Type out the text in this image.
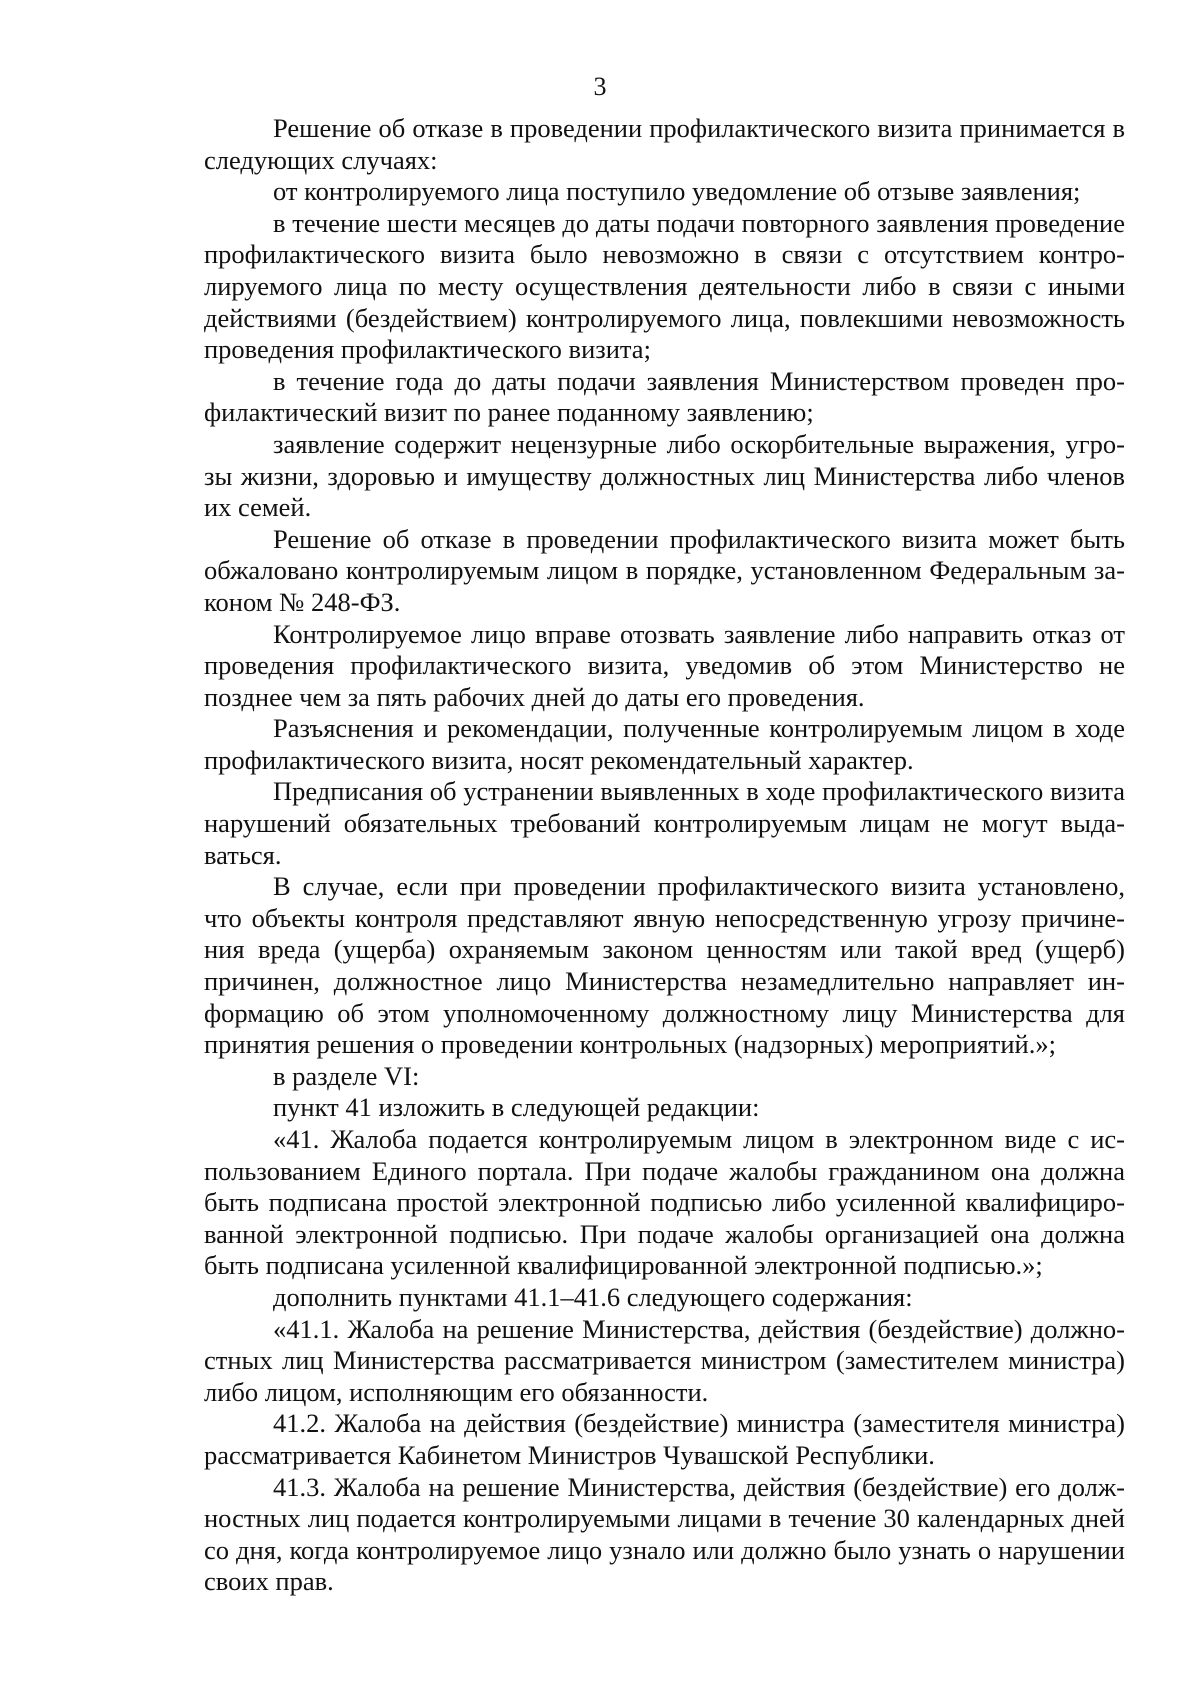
3

Решение об отказе в проведении профилактического визита принимается в следующих случаях:

от контролируемого лица поступило уведомление об отзыве заявления;

в течение шести месяцев до даты подачи повторного заявления проведение профилактического визита было невозможно в связи с отсутствием контролируемого лица по месту осуществления деятельности либо в связи с иными действиями (бездействием) контролируемого лица, повлекшими невозможность проведения профилактического визита;

в течение года до даты подачи заявления Министерством проведен профилактический визит по ранее поданному заявлению;

заявление содержит нецензурные либо оскорбительные выражения, угрозы жизни, здоровью и имуществу должностных лиц Министерства либо членов их семей.

Решение об отказе в проведении профилактического визита может быть обжаловано контролируемым лицом в порядке, установленном Федеральным законом № 248-ФЗ.

Контролируемое лицо вправе отозвать заявление либо направить отказ от проведения профилактического визита, уведомив об этом Министерство не позднее чем за пять рабочих дней до даты его проведения.

Разъяснения и рекомендации, полученные контролируемым лицом в ходе профилактического визита, носят рекомендательный характер.

Предписания об устранении выявленных в ходе профилактического визита нарушений обязательных требований контролируемым лицам не могут выдаваться.

В случае, если при проведении профилактического визита установлено, что объекты контроля представляют явную непосредственную угрозу причинения вреда (ущерба) охраняемым законом ценностям или такой вред (ущерб) причинен, должностное лицо Министерства незамедлительно направляет информацию об этом уполномоченному должностному лицу Министерства для принятия решения о проведении контрольных (надзорных) мероприятий.»;

в разделе VI:

пункт 41 изложить в следующей редакции:

«41. Жалоба подается контролируемым лицом в электронном виде с использованием Единого портала. При подаче жалобы гражданином она должна быть подписана простой электронной подписью либо усиленной квалифицированной электронной подписью. При подаче жалобы организацией она должна быть подписана усиленной квалифицированной электронной подписью.»;

дополнить пунктами 41.1–41.6 следующего содержания:

«41.1. Жалоба на решение Министерства, действия (бездействие) должностных лиц Министерства рассматривается министром (заместителем министра) либо лицом, исполняющим его обязанности.

41.2. Жалоба на действия (бездействие) министра (заместителя министра) рассматривается Кабинетом Министров Чувашской Республики.

41.3. Жалоба на решение Министерства, действия (бездействие) его должностных лиц подается контролируемыми лицами в течение 30 календарных дней со дня, когда контролируемое лицо узнало или должно было узнать о нарушении своих прав.
